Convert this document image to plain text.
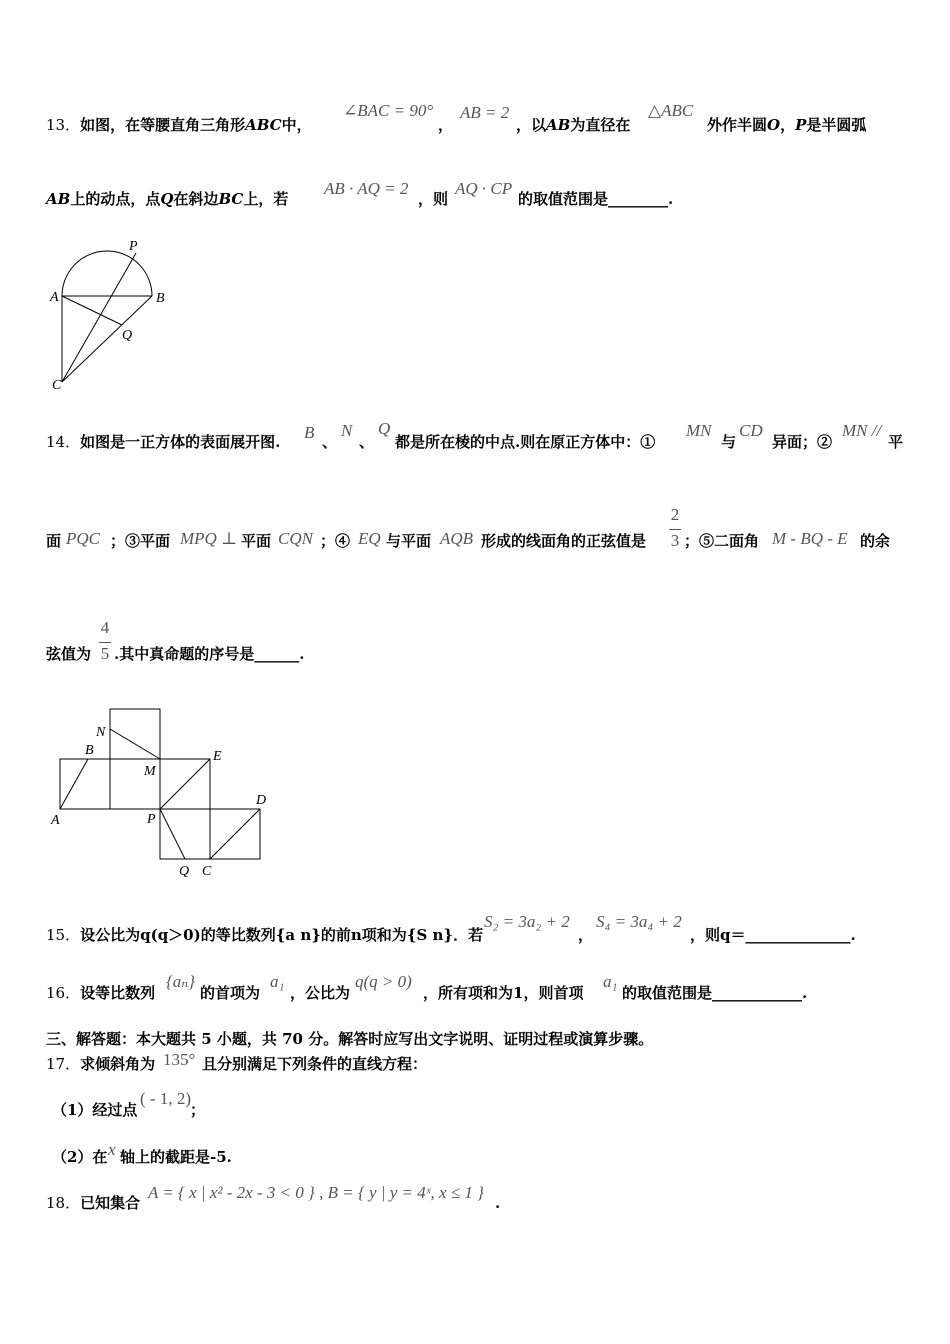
13．如图，在等腰直角三角形ABC中，
∠BAC = 90°
，
AB = 2
，以AB为直径在
△ABC
外作半圆O，P是半圆弧
AB上的动点，点Q在斜边BC上，若
AB · AQ = 2
，则
AQ · CP
的取值范围是________.
P
A	B
Q
C
14．如图是一正方体的表面展开图. B 、
N
、
Q
都是所在棱的中点.则在原正方体中：①
MN
与
CD
异面；②
MN //
平
面 PQC ；③平面 MPQ ⊥ 平面 CQN ；④ EQ 与平面 AQB 形成的线面角的正弦值是
2
3 ；⑤二面角 M - BQ - E 的余
弦值为
4
5 .其中真命题的序号是______.
N
B
M
E
D
A	P
Q C
15．设公比为q(q＞0)的等比数列{a n}的前n项和为{S n}．若
S₂ = 3a₂ + 2
，
S₄ = 3a₄ + 2
，则q＝______________.
16．设等比数列
{aₙ}
的首项为
a₁
，公比为
q(q > 0)
，所有项和为1，则首项
a₁
的取值范围是____________.
三、解答题：本大题共 5 小题，共 70 分。解答时应写出文字说明、证明过程或演算步骤。
17．求倾斜角为 135° 且分别满足下列条件的直线方程：
（1）经过点
( - 1, 2)
；
（2）在 x 轴上的截距是-5.
18．已知集合
A = { x | x² - 2x - 3 < 0 } , B = { y | y = 4ˣ, x ≤ 1 }
.
